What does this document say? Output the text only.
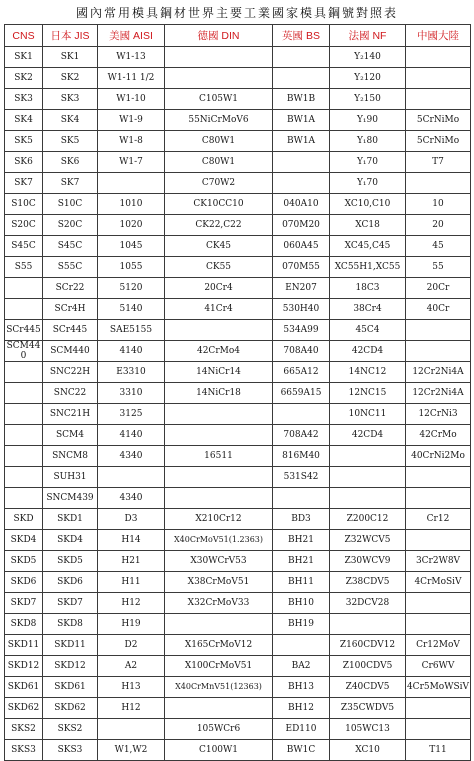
國內常用模具鋼材世界主要工業國家模具鋼號對照表
CNS	日本 JIS	美國 AISI	德國 DIN	英國 BS	法國 NF	中國大陸
SK1	SK1	W1-13			Y₂140	
SK2	SK2	W1-11 1/2			Y₂120	
SK3	SK3	W1-10	C105W1	BW1B	Y₂150	
SK4	SK4	W1-9	55NiCrMoV6	BW1A	Y₁90	5CrNiMo
SK5	SK5	W1-8	C80W1	BW1A	Y₁80	5CrNiMo
SK6	SK6	W1-7	C80W1		Y₁70	T7
SK7	SK7		C70W2		Y₁70	
S10C	S10C	1010	CK10CC10	040A10	XC10,C10	10
S20C	S20C	1020	CK22,C22	070M20	XC18	20
S45C	S45C	1045	CK45	060A45	XC45,C45	45
S55	S55C	1055	CK55	070M55	XC55H1,XC55	55
	SCr22	5120	20Cr4	EN207	18C3	20Cr
	SCr4H	5140	41Cr4	530H40	38Cr4	40Cr
SCr445	SCr445	SAE5155		534A99	45C4	
SCM440	SCM440	4140	42CrMo4	708A40	42CD4	
	SNC22H	E3310	14NiCr14	665A12	14NC12	12Cr2Ni4A
	SNC22	3310	14NiCr18	6659A15	12NC15	12Cr2Ni4A
	SNC21H	3125			10NC11	12CrNi3
	SCM4	4140		708A42	42CD4	42CrMo
	SNCM8	4340	16511	816M40		40CrNi2Mo
	SUH31			531S42		
	SNCM439	4340				
SKD	SKD1	D3	X210Cr12	BD3	Z200C12	Cr12
SKD4	SKD4	H14	X40CrMoV51(1.2363)	BH21	Z32WCV5	
SKD5	SKD5	H21	X30WCrV53	BH21	Z30WCV9	3Cr2W8V
SKD6	SKD6	H11	X38CrMoV51	BH11	Z38CDV5	4CrMoSiV
SKD7	SKD7	H12	X32CrMoV33	BH10	32DCV28	
SKD8	SKD8	H19		BH19		
SKD11	SKD11	D2	X165CrMoV12		Z160CDV12	Cr12MoV
SKD12	SKD12	A2	X100CrMoV51	BA2	Z100CDV5	Cr6WV
SKD61	SKD61	H13	X40CrMnV51(12363)	BH13	Z40CDV5	4Cr5MoWSiV
SKD62	SKD62	H12		BH12	Z35CWDV5	
SKS2	SKS2		105WCr6	ED110	105WC13	
SKS3	SKS3	W1,W2	C100W1	BW1C	XC10	T11
